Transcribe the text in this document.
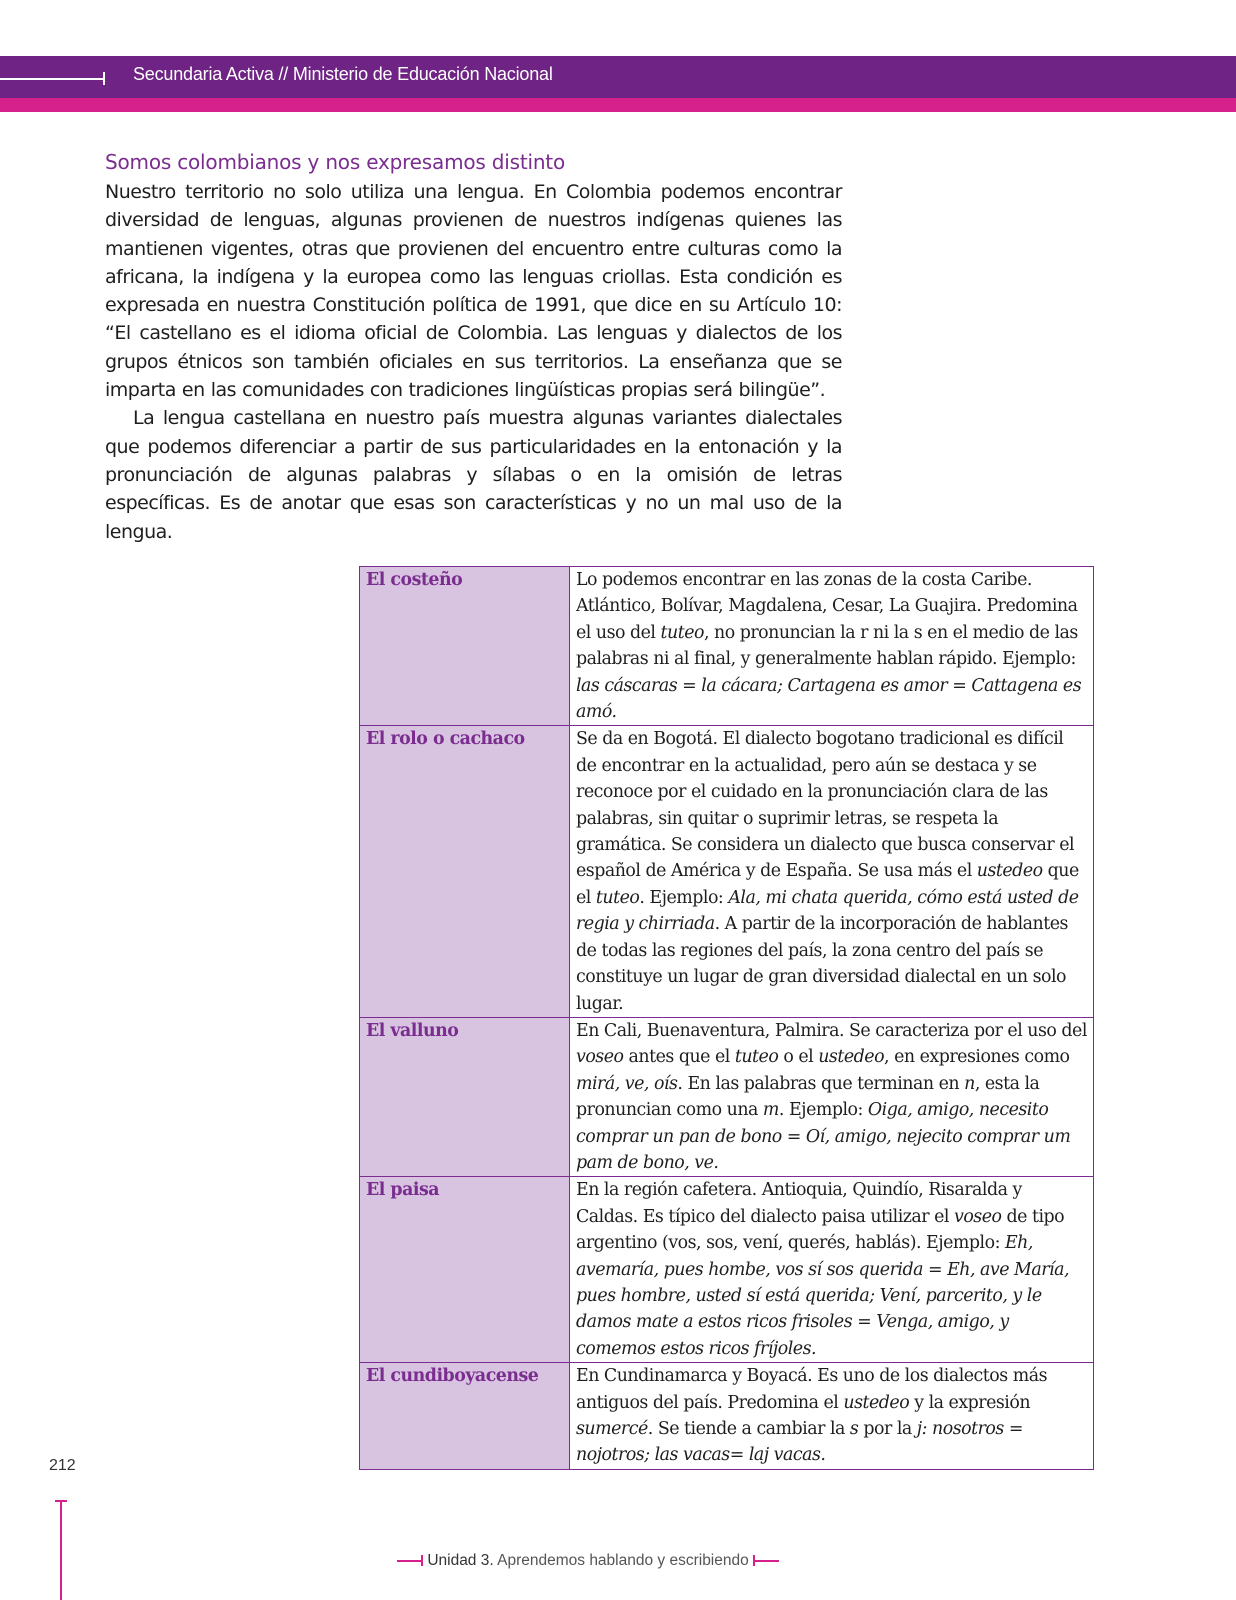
Secundaria Activa // Ministerio de Educación Nacional
Somos colombianos y nos expresamos distinto

Nuestro territorio no solo utiliza una lengua. En Colombia podemos encontrar diversidad de lenguas, algunas provienen de nuestros indígenas quienes las mantienen vigentes, otras que provienen del encuentro entre culturas como la africana, la indígena y la europea como las lenguas criollas. Esta condición es expresada en nuestra Constitución política de 1991, que dice en su Artículo 10: “El castellano es el idioma oficial de Colombia. Las lenguas y dialectos de los grupos étnicos son también oficiales en sus territorios. La enseñanza que se imparta en las comunidades con tradiciones lingüísticas propias será bilingüe”.

La lengua castellana en nuestro país muestra algunas variantes dialectales que podemos diferenciar a partir de sus particularidades en la entonación y la pronunciación de algunas palabras y sílabas o en la omisión de letras específicas. Es de anotar que esas son características y no un mal uso de la lengua.

El costeño	Lo podemos encontrar en las zonas de la costa Caribe. Atlántico, Bolívar, Magdalena, Cesar, La Guajira. Predomina el uso del tuteo, no pronuncian la r ni la s en el medio de las palabras ni al final, y generalmente hablan rápido. Ejemplo: las cáscaras = la cácara; Cartagena es amor = Cattagena es amó.
El rolo o cachaco	Se da en Bogotá. El dialecto bogotano tradicional es difícil de encontrar en la actualidad, pero aún se destaca y se reconoce por el cuidado en la pronunciación clara de las palabras, sin quitar o suprimir letras, se respeta la gramática. Se considera un dialecto que busca conservar el español de América y de España. Se usa más el ustedeo que el tuteo. Ejemplo: Ala, mi chata querida, cómo está usted de regia y chirriada. A partir de la incorporación de hablantes de todas las regiones del país, la zona centro del país se constituye un lugar de gran diversidad dialectal en un solo lugar.
El valluno	En Cali, Buenaventura, Palmira. Se caracteriza por el uso del voseo antes que el tuteo o el ustedeo, en expresiones como mirá, ve, oís. En las palabras que terminan en n, esta la pronuncian como una m. Ejemplo: Oiga, amigo, necesito comprar un pan de bono = Oí, amigo, nejecito comprar um pam de bono, ve.
El paisa	En la región cafetera. Antioquia, Quindío, Risaralda y Caldas. Es típico del dialecto paisa utilizar el voseo de tipo argentino (vos, sos, vení, querés, hablás). Ejemplo: Eh, avemaría, pues hombe, vos sí sos querida = Eh, ave María, pues hombre, usted sí está querida; Vení, parcerito, y le damos mate a estos ricos frisoles = Venga, amigo, y comemos estos ricos fríjoles.
El cundiboyacense	En Cundinamarca y Boyacá. Es uno de los dialectos más antiguos del país. Predomina el ustedeo y la expresión sumercé. Se tiende a cambiar la s por la j: nosotros = nojotros; las vacas= laj vacas.
212
Unidad 3. Aprendemos hablando y escribiendo
